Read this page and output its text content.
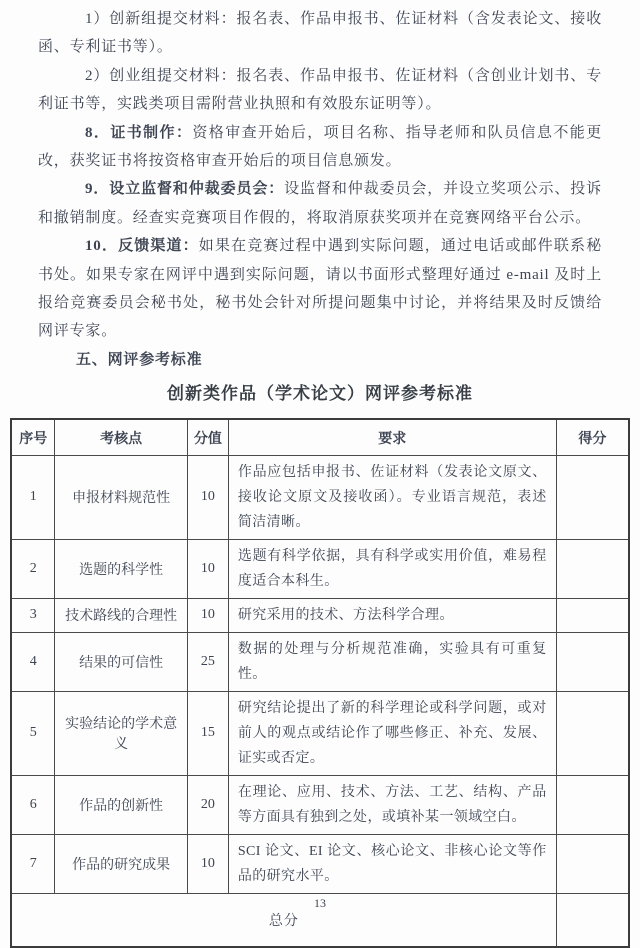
1）创新组提交材料：报名表、作品申报书、佐证材料（含发表论文、接收函、专利证书等）。

2）创业组提交材料：报名表、作品申报书、佐证材料（含创业计划书、专利证书等，实践类项目需附营业执照和有效股东证明等）。

8．证书制作：资格审查开始后，项目名称、指导老师和队员信息不能更改，获奖证书将按资格审查开始后的项目信息颁发。

9．设立监督和仲裁委员会：设监督和仲裁委员会，并设立奖项公示、投诉和撤销制度。经查实竞赛项目作假的，将取消原获奖项并在竞赛网络平台公示。

10．反馈渠道：如果在竞赛过程中遇到实际问题，通过电话或邮件联系秘书处。如果专家在网评中遇到实际问题，请以书面形式整理好通过 e-mail 及时上报给竞赛委员会秘书处，秘书处会针对所提问题集中讨论，并将结果及时反馈给网评专家。

五、网评参考标准
创新类作品（学术论文）网评参考标准
序号	考核点	分值	要求	得分
1	申报材料规范性	10	作品应包括申报书、佐证材料（发表论文原文、接收论文原文及接收函）。专业语言规范，表述简洁清晰。	
2	选题的科学性	10	选题有科学依据，具有科学或实用价值，难易程度适合本科生。	
3	技术路线的合理性	10	研究采用的技术、方法科学合理。	
4	结果的可信性	25	数据的处理与分析规范准确，实验具有可重复性。	
5	实验结论的学术意义	15	研究结论提出了新的科学理论或科学问题，或对前人的观点或结论作了哪些修正、补充、发展、证实或否定。	
6	作品的创新性	20	在理论、应用、技术、方法、工艺、结构、产品等方面具有独到之处，或填补某一领域空白。	
7	作品的研究成果	10	SCI 论文、EI 论文、核心论文、非核心论文等作品的研究水平。	
总分				
13
